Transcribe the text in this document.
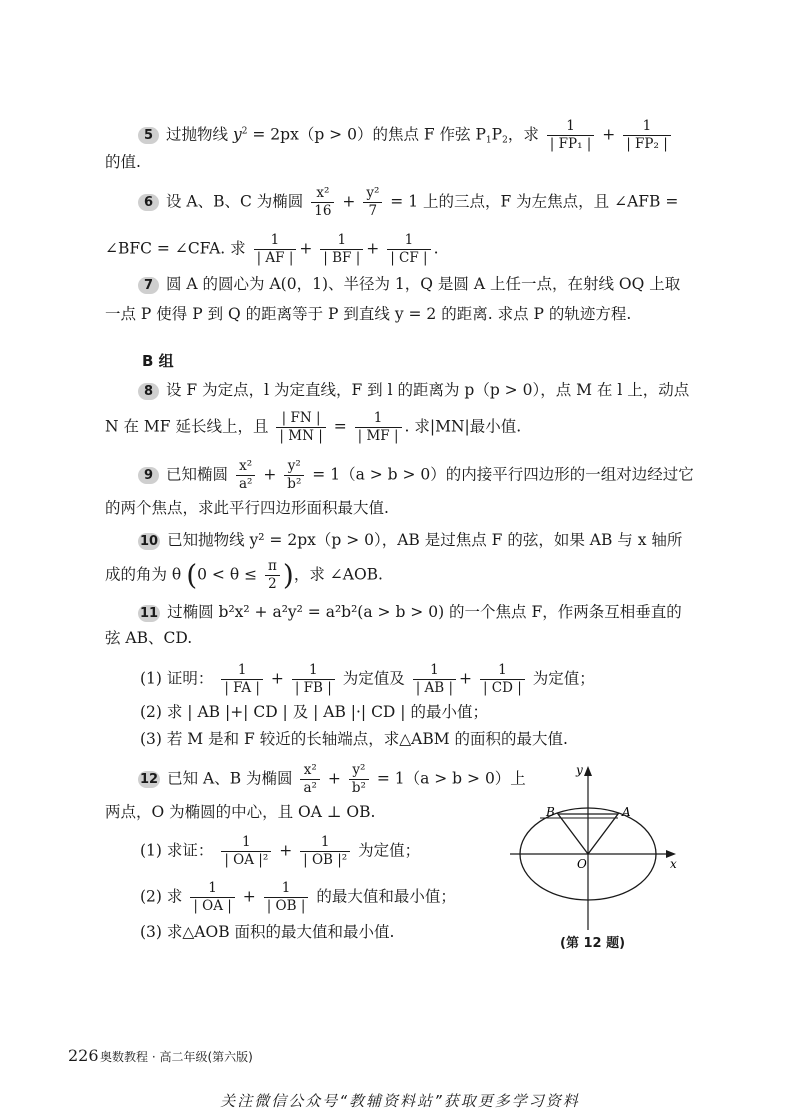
5 过抛物线 $y^2 = 2px(p > 0)$的焦点 F 作弦 $P_1P_2$，求 $\frac{1}{\text{| FP₁ |}} + \frac{1}{\text{| FP₂ |}}$
的值.
6 设 A、B、C 为椭圆 $\frac{\text{x²}}{16} + \frac{\text{y²}}{7} = 1$ 上的三点，F 为左焦点，且 ∠AFB =
∠BFC = ∠CFA. 求 $\frac{1}{| AF |} + \frac{1}{| BF |} + \frac{1}{| CF |}$ .
7 圆 A 的圆心为 A(0，1)、半径为 1，Q 是圆 A 上任一点，在射线 OQ 上取
一点 P 使得 P 到 Q 的距离等于 P 到直线 y = 2 的距离. 求点 P 的轨迹方程.
B 组
8 设 F 为定点，l 为定直线，F 到 l 的距离为 p（p > 0），点 M 在 l 上，动点
N 在 MF 延长线上，且 $\frac{| FN |}{| MN |} = \frac{1}{| MF |}$ . 求|MN|最小值.
9 已知椭圆 $\frac{\text{x²}}{\text{a²}} + \frac{\text{y²}}{\text{b²}} = 1(a > b > 0)$的内接平行四边形的一组对边经过它
的两个焦点，求此平行四边形面积最大值.
10 已知抛物线 y² = 2px（p > 0），AB 是过焦点 F 的弦，如果 AB 与 x 轴所
成的角为 θ ($0 < \theta \le \frac{\pi}{2}$ )，求 ∠AOB.
11 过椭圆 b²x² + a²y² = a²b²(a > b > 0) 的一个焦点 F，作两条互相垂直的
弦 AB、CD.
(1) 证明： $\frac{1}{| FA |} + \frac{1}{| FB |}$ 为定值及 $\frac{1}{| AB |} + \frac{1}{| CD |}$ 为定值；
(2) 求 | AB |+| CD | 及 | AB |·| CD | 的最小值；
(3) 若 M 是和 F 较近的长轴端点，求△ABM 的面积的最大值.
12 已知 A、B 为椭圆 $\frac{\text{x²}}{\text{a²}} + \frac{\text{y²}}{\text{b²}} = 1(a > b > 0)$上
两点，O 为椭圆的中心，且 OA ⊥ OB.
(1) 求证： $\frac{1}{\text{| OA |²}} + \frac{1}{\text{| OB |²}}$ 为定值；
(2) 求 $\frac{1}{| OA |} + \frac{1}{| OB |}$ 的最大值和最小值；
(3) 求△AOB 面积的最大值和最小值.
y
x
O
A
B
(第 12 题)
226 奥数教程 · 高二年级(第六版)
关注微信公众号“教辅资料站”获取更多学习资料
